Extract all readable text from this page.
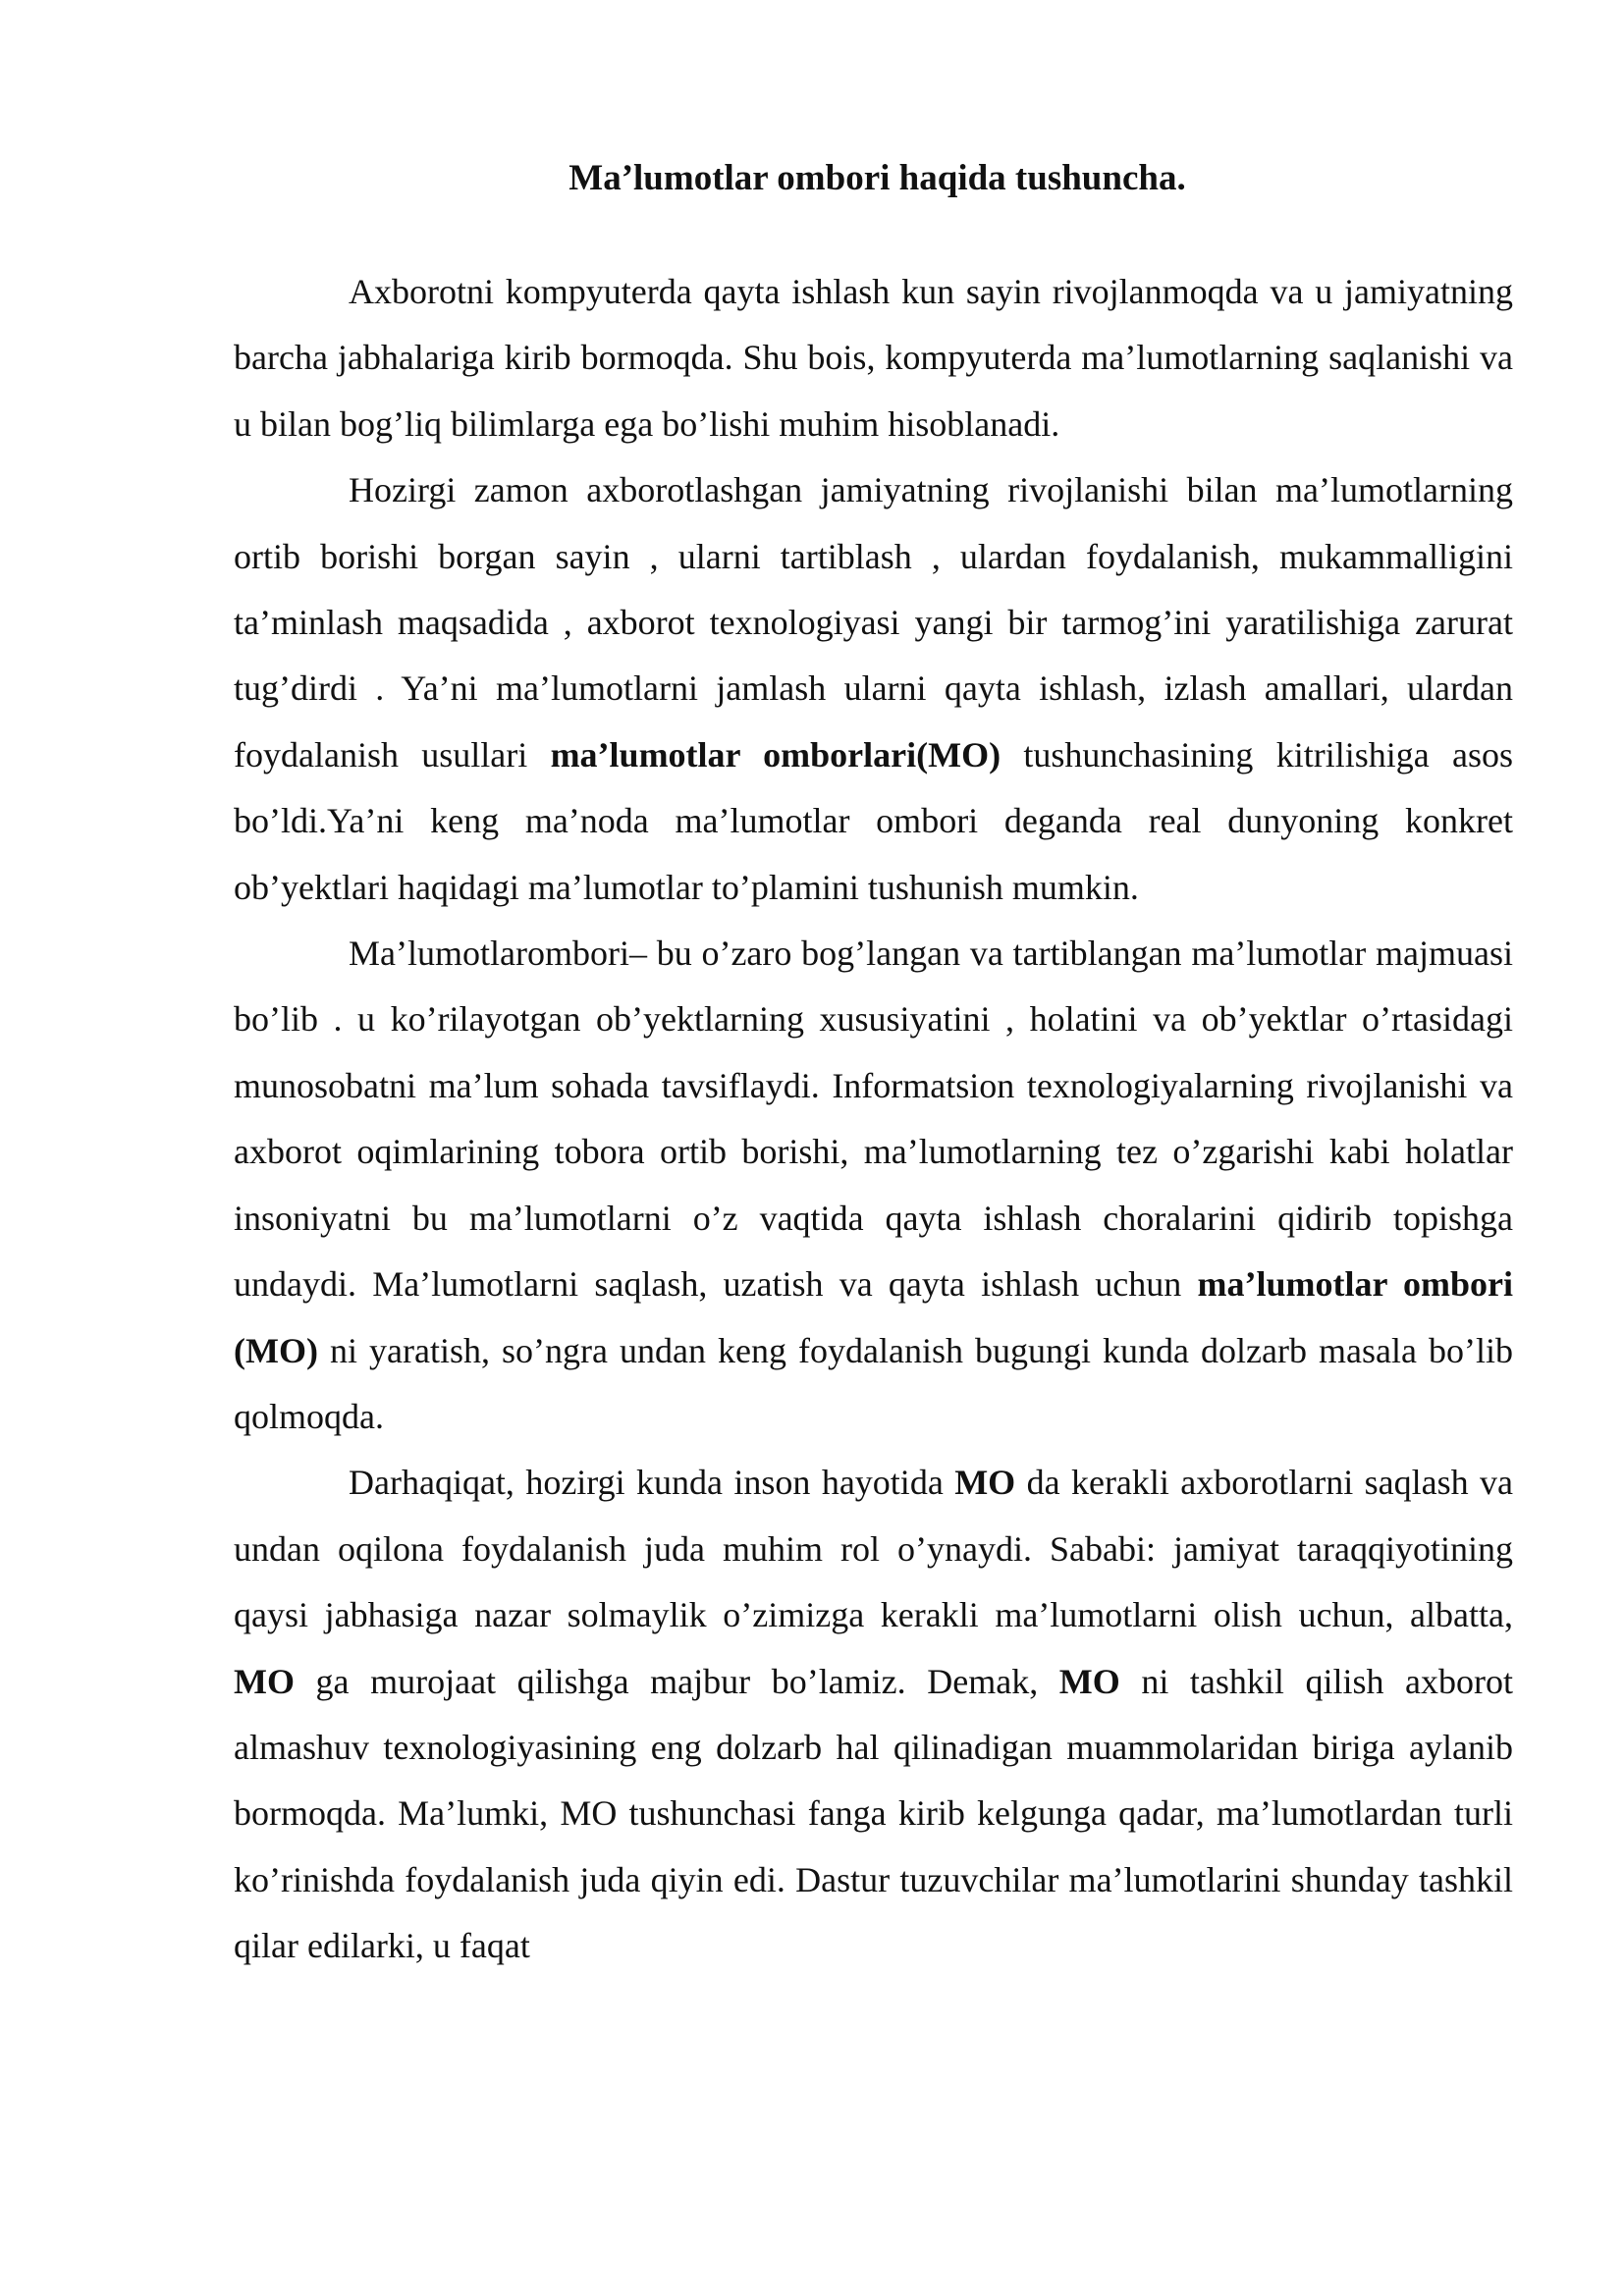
Ma’lumotlar ombori haqida tushuncha.

Axborotni kompyuterda qayta ishlash kun sayin rivojlanmoqda va u jamiyatning barcha jabhalariga kirib bormoqda. Shu bois, kompyuterda ma’lumotlarning saqlanishi va u bilan bog’liq bilimlarga ega bo’lishi muhim hisoblanadi.

Hozirgi zamon axborotlashgan jamiyatning rivojlanishi bilan ma’lumotlarning ortib borishi borgan sayin , ularni tartiblash , ulardan foydalanish, mukammalligini ta’minlash maqsadida , axborot texnologiyasi yangi bir tarmog’ini yaratilishiga zarurat tug’dirdi . Ya’ni ma’lumotlarni jamlash ularni qayta ishlash, izlash amallari, ulardan foydalanish usullari ma’lumotlar omborlari(MO) tushunchasining kitrilishiga asos bo’ldi.Ya’ni keng ma’noda ma’lumotlar ombori deganda real dunyoning konkret ob’yektlari haqidagi ma’lumotlar to’plamini tushunish mumkin.

Ma’lumotlarombori– bu o’zaro bog’langan va tartiblangan ma’lumotlar majmuasi bo’lib . u ko’rilayotgan ob’yektlarning xususiyatini , holatini va ob’yektlar o’rtasidagi munosobatni ma’lum sohada tavsiflaydi. Informatsion texnologiyalarning rivojlanishi va axborot oqimlarining tobora ortib borishi, ma’lumotlarning tez o’zgarishi kabi holatlar insoniyatni bu ma’lumotlarni o’z vaqtida qayta ishlash choralarini qidirib topishga undaydi. Ma’lumotlarni saqlash, uzatish va qayta ishlash uchun ma’lumotlar ombori (MO) ni yaratish, so’ngra undan keng foydalanish bugungi kunda dolzarb masala bo’lib qolmoqda.

Darhaqiqat, hozirgi kunda inson hayotida MO da kerakli axborotlarni saqlash va undan oqilona foydalanish juda muhim rol o’ynaydi. Sababi: jamiyat taraqqiyotining qaysi jabhasiga nazar solmaylik o’zimizga kerakli ma’lumotlarni olish uchun, albatta, MO ga murojaat qilishga majbur bo’lamiz. Demak, MO ni tashkil qilish axborot almashuv texnologiyasining eng dolzarb hal qilinadigan muammolaridan biriga aylanib bormoqda. Ma’lumki, MO tushunchasi fanga kirib kelgunga qadar, ma’lumotlardan turli ko’rinishda foydalanish juda qiyin edi. Dastur tuzuvchilar ma’lumotlarini shunday tashkil qilar edilarki, u faqat
